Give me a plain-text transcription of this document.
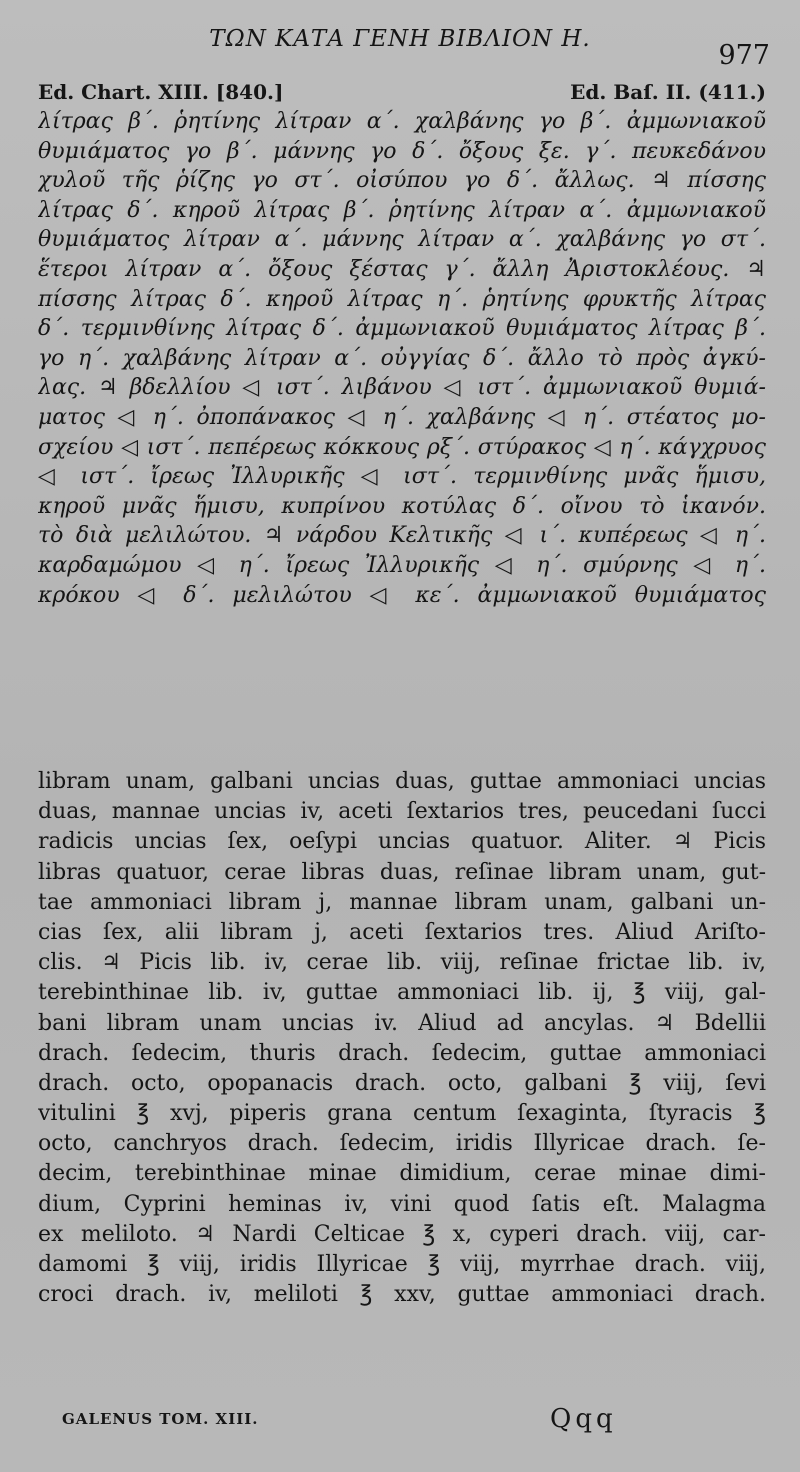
ΤΩΝ ΚΑΤΑ ΓΕΝΗ ΒΙΒΛΙΟΝ Η.
977
Ed. Chart. XIII. [840.]	Ed. Baſ. II. (411.)
λίτρας β΄. ῥητίνης λίτραν α΄. χαλβάνης γο β΄. ἀμμωνιακοῦ
θυμιάματος γο β΄. μάννης γο δ΄. ὄξους ξε. γ΄. πευκεδάνου
χυλοῦ τῆς ῥίζης γο στ΄. οἰσύπου γο δ΄. ἄλλως. ♃ πίσσης
λίτρας δ΄. κηροῦ λίτρας β΄. ῥητίνης λίτραν α΄. ἀμμωνιακοῦ
θυμιάματος λίτραν α΄. μάννης λίτραν α΄. χαλβάνης γο στ΄.
ἕτεροι λίτραν α΄. ὄξους ξέστας γ΄. ἄλλη Ἀριστοκλέους. ♃
πίσσης λίτρας δ΄. κηροῦ λίτρας η΄. ῥητίνης φρυκτῆς λίτρας
δ΄. τερμινθίνης λίτρας δ΄. ἀμμωνιακοῦ θυμιάματος λίτρας β΄.
γο η΄. χαλβάνης λίτραν α΄. οὐγγίας δ΄. ἄλλο τὸ πρὸς ἀγκύ-
λας. ♃ βδελλίου ◁ ιστ΄. λιβάνου ◁ ιστ΄. ἀμμωνιακοῦ θυμιά-
ματος ◁ η΄. ὀποπάνακος ◁ η΄. χαλβάνης ◁ η΄. στέατος μο-
σχείου ◁ ιστ΄. πεπέρεως κόκκους ρξ΄. στύρακος ◁ η΄. κάγχρυος
◁ ιστ΄. ἴρεως Ἰλλυρικῆς ◁ ιστ΄. τερμινθίνης μνᾶς ἥμισυ,
κηροῦ μνᾶς ἥμισυ, κυπρίνου κοτύλας δ΄. οἴνου τὸ ἱκανόν.
τὸ διὰ μελιλώτου. ♃ νάρδου Κελτικῆς ◁ ι΄. κυπέρεως ◁ η΄.
καρδαμώμου ◁ η΄. ἴρεως Ἰλλυρικῆς ◁ η΄. σμύρνης ◁ η΄.
κρόκου ◁ δ΄. μελιλώτου ◁ κε΄. ἀμμωνιακοῦ θυμιάματος
libram unam, galbani uncias duas, guttae ammoniaci uncias
duas, mannae uncias iv, aceti ſextarios tres, peucedani ſucci
radicis uncias ſex, oeſypi uncias quatuor. Aliter. ♃ Picis
libras quatuor, cerae libras duas, reſinae libram unam, gut-
tae ammoniaci libram j, mannae libram unam, galbani un-
cias ſex, alii libram j, aceti ſextarios tres. Aliud Ariſto-
clis. ♃ Picis lib. iv, cerae lib. viij, reſinae frictae lib. iv,
terebinthinae lib. iv, guttae ammoniaci lib. ij, ℥ viij, gal-
bani libram unam uncias iv. Aliud ad ancylas. ♃ Bdellii
drach. ſedecim, thuris drach. ſedecim, guttae ammoniaci
drach. octo, opopanacis drach. octo, galbani ℥ viij, ſevi
vitulini ℥ xvj, piperis grana centum ſexaginta, ſtyracis ℥
octo, canchryos drach. ſedecim, iridis Illyricae drach. ſe-
decim, terebinthinae minae dimidium, cerae minae dimi-
dium, Cyprini heminas iv, vini quod ſatis eſt. Malagma
ex meliloto. ♃ Nardi Celticae ℥ x, cyperi drach. viij, car-
damomi ℥ viij, iridis Illyricae ℥ viij, myrrhae drach. viij,
croci drach. iv, meliloti ℥ xxv, guttae ammoniaci drach.
GALENUS TOM. XIII.	Qqq
